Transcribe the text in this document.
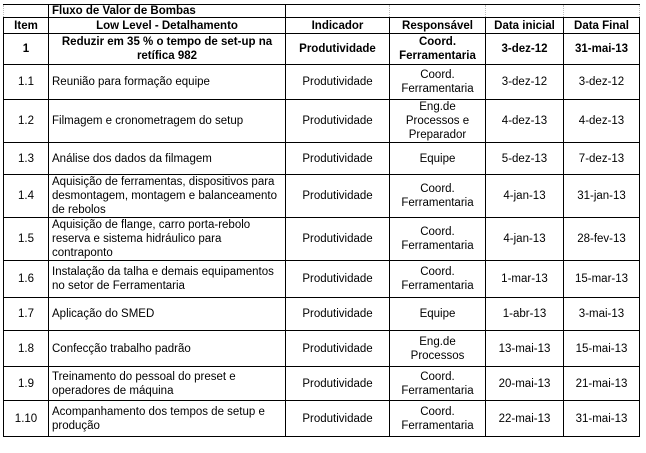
	Fluxo de Valor de Bombas				
Item	Low Level - Detalhamento	Indicador	Responsável	Data inicial	Data Final
1	Reduzir em 35 % o tempo de set-up na retífica 982	Produtividade	Coord. Ferramentaria	3-dez-12	31-mai-13
1.1	Reunião para formação equipe	Produtividade	Coord. Ferramentaria	3-dez-12	3-dez-12
1.2	Filmagem e cronometragem do setup	Produtividade	Eng.de Processos e Preparador	4-dez-13	4-dez-13
1.3	Análise dos dados da filmagem	Produtividade	Equipe	5-dez-13	7-dez-13
1.4	Aquisição de ferramentas, dispositivos para desmontagem, montagem e balanceamento de rebolos	Produtividade	Coord. Ferramentaria	4-jan-13	31-jan-13
1.5	Aquisição de flange, carro porta-rebolo reserva e sistema hidráulico para contraponto	Produtividade	Coord. Ferramentaria	4-jan-13	28-fev-13
1.6	Instalação da talha e demais equipamentos no setor de Ferramentaria	Produtividade	Coord. Ferramentaria	1-mar-13	15-mar-13
1.7	Aplicação do SMED	Produtividade	Equipe	1-abr-13	3-mai-13
1.8	Confecção trabalho padrão	Produtividade	Eng.de Processos	13-mai-13	15-mai-13
1.9	Treinamento do pessoal do preset e operadores de máquina	Produtividade	Coord. Ferramentaria	20-mai-13	21-mai-13
1.10	Acompanhamento dos tempos de setup e produção	Produtividade	Coord. Ferramentaria	22-mai-13	31-mai-13
